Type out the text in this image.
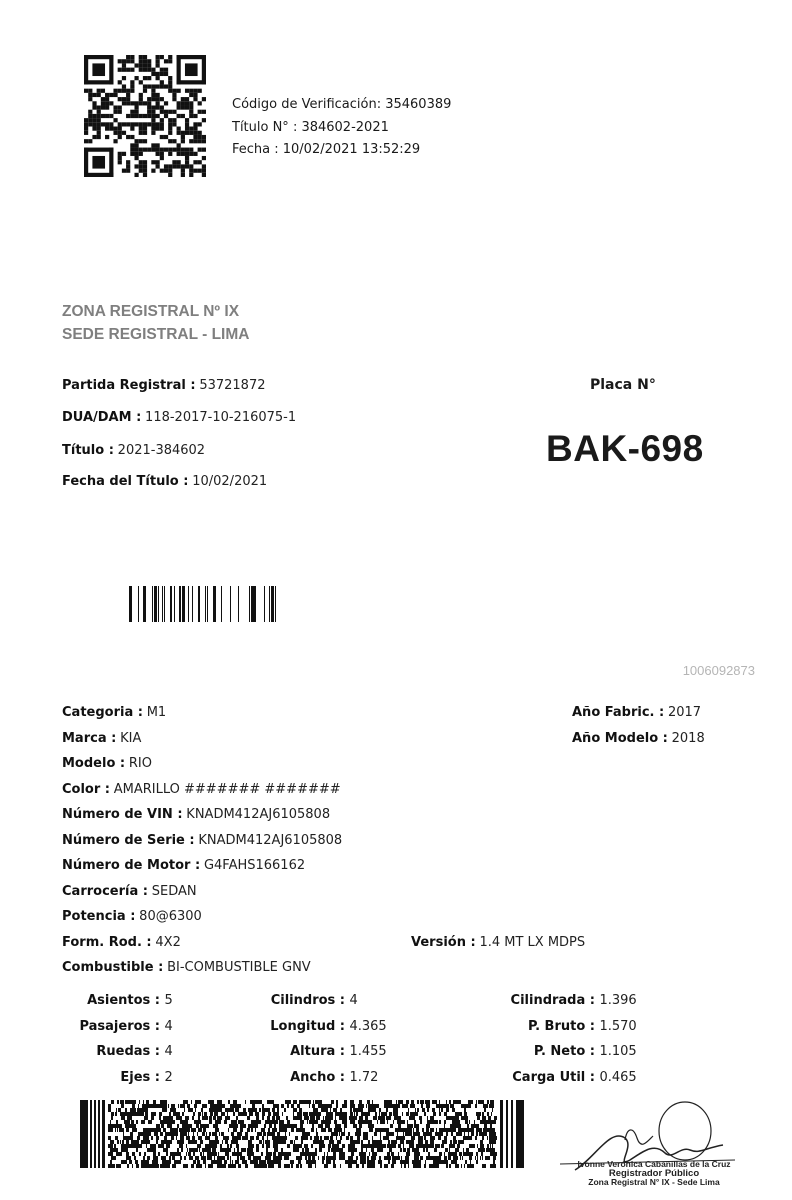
Código de Verificación: 35460389
Título N° : 384602-2021
Fecha : 10/02/2021 13:52:29
ZONA REGISTRAL Nº IX
SEDE REGISTRAL - LIMA
Partida Registral : 53721872
DUA/DAM : 118-2017-10-216075-1
Título : 2021-384602
Fecha del Título : 10/02/2021
Placa N°
BAK-698
1006092873
Categoria : M1
Marca : KIA
Modelo : RIO
Color : AMARILLO ####### #######
Número de VIN : KNADM412AJ6105808
Número de Serie : KNADM412AJ6105808
Número de Motor : G4FAHS166162
Carrocería : SEDAN
Potencia : 80@6300
Form. Rod. : 4X2
Combustible : BI-COMBUSTIBLE GNV
Año Fabric. : 2017
Año Modelo : 2018
Versión : 1.4 MT LX MDPS
Asientos : 5
Pasajeros : 4
Ruedas : 4
Ejes : 2
Cilindros : 4
Longitud : 4.365
Altura : 1.455
Ancho : 1.72
Cilindrada : 1.396
P. Bruto : 1.570
P. Neto : 1.105
Carga Util : 0.465
Ivonne Verónica Cabanillas de la Cruz
Registrador Público
Zona Registral N° IX - Sede Lima
